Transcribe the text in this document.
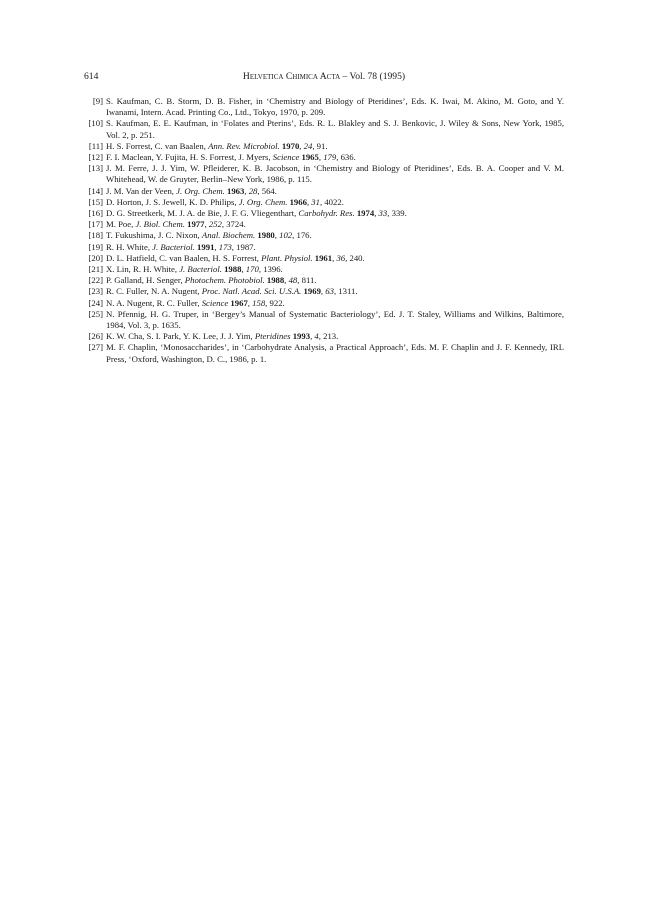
614	Helvetica Chimica Acta – Vol. 78 (1995)
[9] S. Kaufman, C. B. Storm, D. B. Fisher, in ‘Chemistry and Biology of Pteridines’, Eds. K. Iwai, M. Akino, M. Goto, and Y. Iwanami, Intern. Acad. Printing Co., Ltd., Tokyo, 1970, p. 209.
[10] S. Kaufman, E. E. Kaufman, in ‘Folates and Pterins’, Eds. R. L. Blakley and S. J. Benkovic, J. Wiley & Sons, New York, 1985, Vol. 2, p. 251.
[11] H. S. Forrest, C. van Baalen, Ann. Rev. Microbiol. 1970, 24, 91.
[12] F. I. Maclean, Y. Fujita, H. S. Forrest, J. Myers, Science 1965, 179, 636.
[13] J. M. Ferre, J. J. Yim, W. Pfleiderer, K. B. Jacobson, in ‘Chemistry and Biology of Pteridines’, Eds. B. A. Cooper and V. M. Whitehead, W. de Gruyter, Berlin–New York, 1986, p. 115.
[14] J. M. Van der Veen, J. Org. Chem. 1963, 28, 564.
[15] D. Horton, J. S. Jewell, K. D. Philips, J. Org. Chem. 1966, 31, 4022.
[16] D. G. Streetkerk, M. J. A. de Bie, J. F. G. Vliegenthart, Carbohydr. Res. 1974, 33, 339.
[17] M. Poe, J. Biol. Chem. 1977, 252, 3724.
[18] T. Fukushima, J. C. Nixon, Anal. Biochem. 1980, 102, 176.
[19] R. H. White, J. Bacteriol. 1991, 173, 1987.
[20] D. L. Hatfield, C. van Baalen, H. S. Forrest, Plant. Physiol. 1961, 36, 240.
[21] X. Lin, R. H. White, J. Bacteriol. 1988, 170, 1396.
[22] P. Galland, H. Senger, Photochem. Photobiol. 1988, 48, 811.
[23] R. C. Fuller, N. A. Nugent, Proc. Natl. Acad. Sci. U.S.A. 1969, 63, 1311.
[24] N. A. Nugent, R. C. Fuller, Science 1967, 158, 922.
[25] N. Pfennig, H. G. Truper, in ‘Bergey’s Manual of Systematic Bacteriology’, Ed. J. T. Staley, Williams and Wilkins, Baltimore, 1984, Vol. 3, p. 1635.
[26] K. W. Cha, S. I. Park, Y. K. Lee, J. J. Yim, Pteridines 1993, 4, 213.
[27] M. F. Chaplin, ‘Monosaccharides’, in ‘Carbohydrate Analysis, a Practical Approach’, Eds. M. F. Chaplin and J. F. Kennedy, IRL Press, ‘Oxford, Washington, D. C., 1986, p. 1.
